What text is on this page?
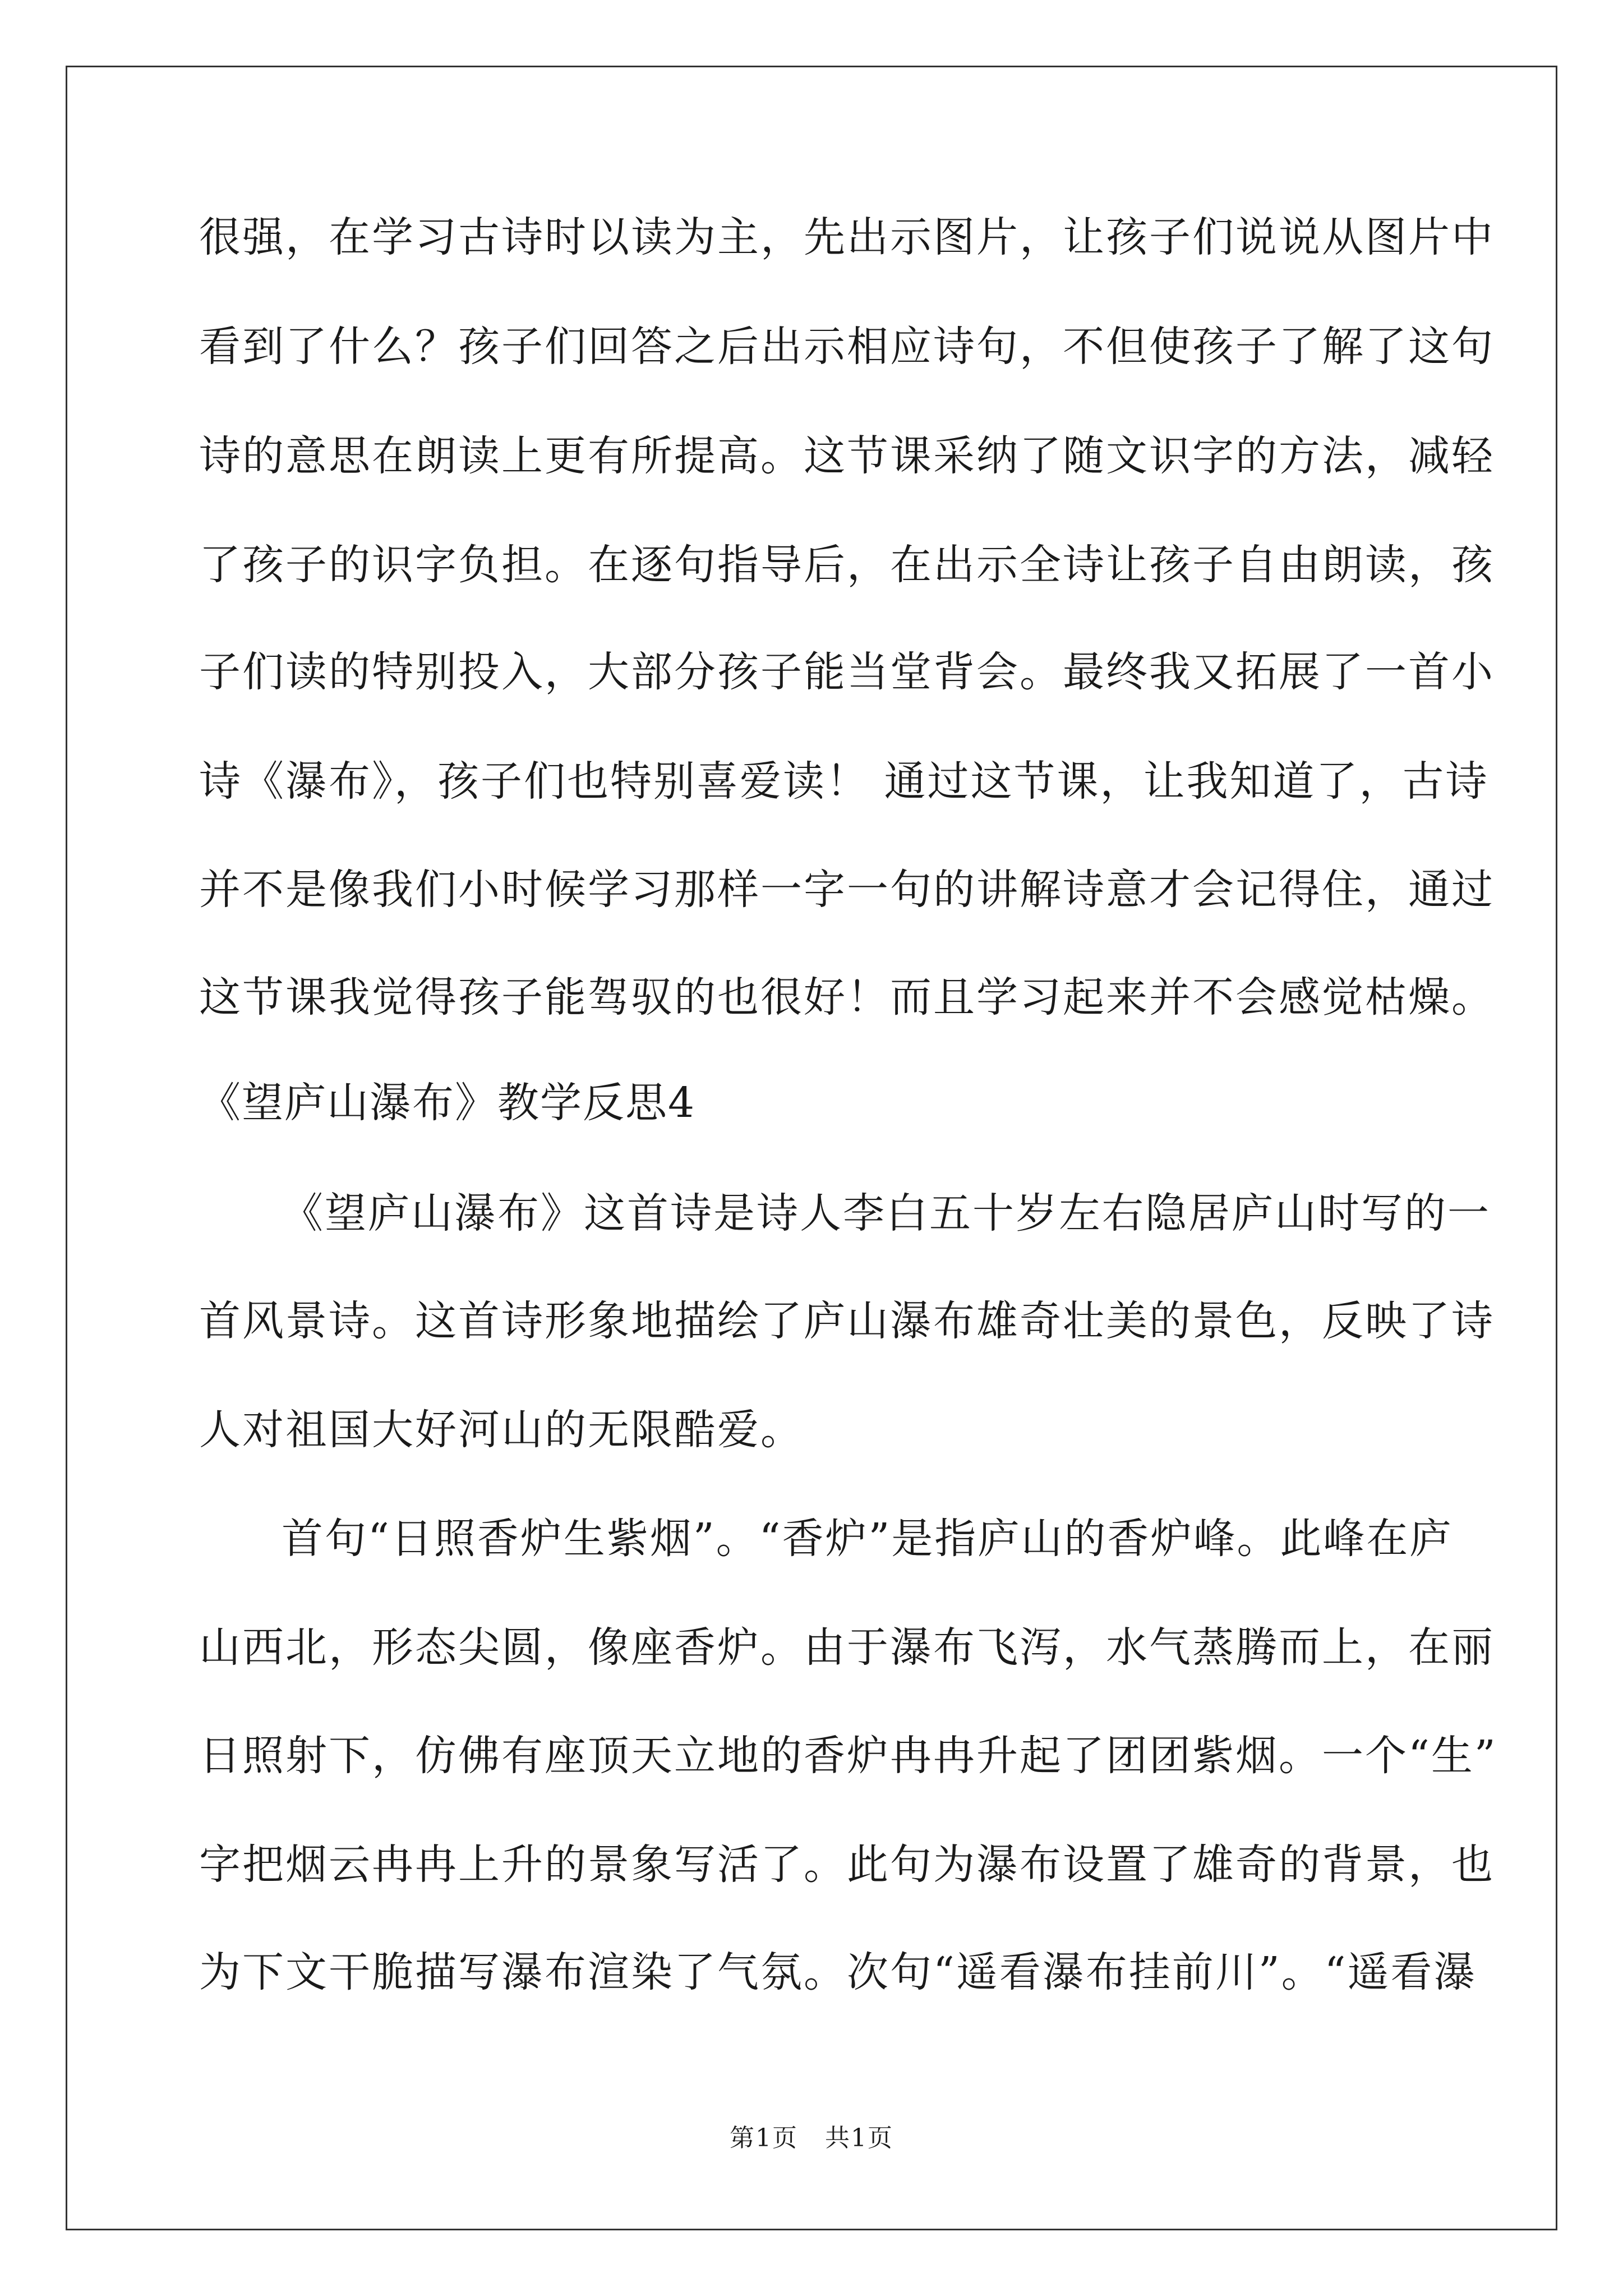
很强，在学习古诗时以读为主，先出示图片，让孩子们说说从图片中
看到了什么？孩子们回答之后出示相应诗句，不但使孩子了解了这句
诗的意思在朗读上更有所提高。这节课采纳了随文识字的方法，减轻
了孩子的识字负担。在逐句指导后，在出示全诗让孩子自由朗读，孩
子们读的特别投入，大部分孩子能当堂背会。最终我又拓展了一首小
诗《瀑布》，孩子们也特别喜爱读！ 通过这节课，让我知道了，古诗
并不是像我们小时候学习那样一字一句的讲解诗意才会记得住，通过
这节课我觉得孩子能驾驭的也很好！而且学习起来并不会感觉枯燥。
《望庐山瀑布》教学反思4
《望庐山瀑布》这首诗是诗人李白五十岁左右隐居庐山时写的一
首风景诗。这首诗形象地描绘了庐山瀑布雄奇壮美的景色，反映了诗
人对祖国大好河山的无限酷爱。
首句“日照香炉生紫烟”。“香炉”是指庐山的香炉峰。此峰在庐
山西北，形态尖圆，像座香炉。由于瀑布飞泻，水气蒸腾而上，在丽
日照射下，仿佛有座顶天立地的香炉冉冉升起了团团紫烟。一个“生”
字把烟云冉冉上升的景象写活了。此句为瀑布设置了雄奇的背景，也
为下文干脆描写瀑布渲染了气氛。次句“遥看瀑布挂前川”。“遥看瀑
第1页   共1页
